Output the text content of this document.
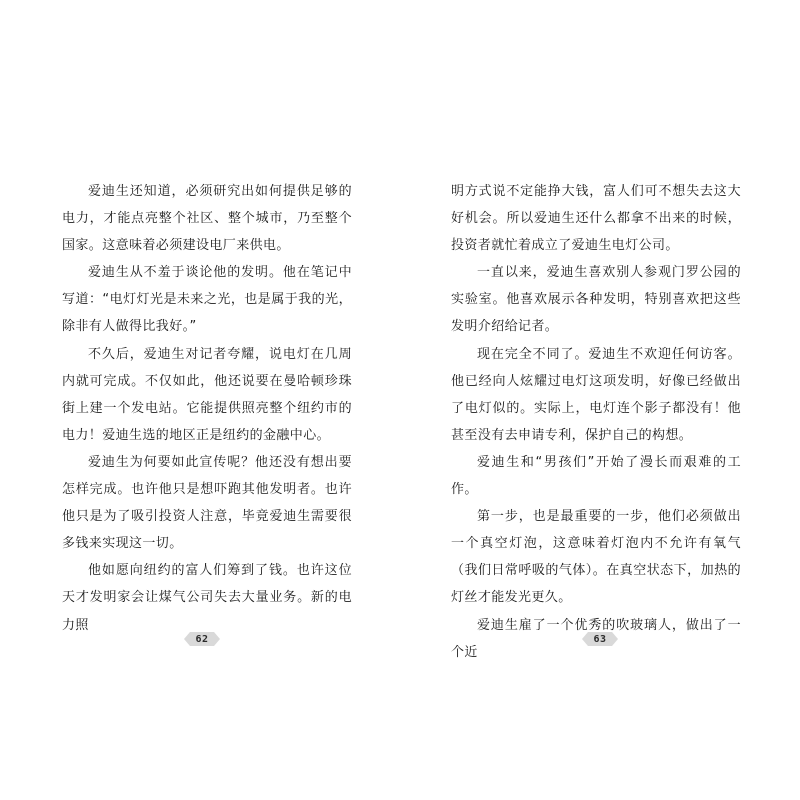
爱迪生还知道，必须研究出如何提供足够的电力，才能点亮整个社区、整个城市，乃至整个国家。这意味着必须建设电厂来供电。

爱迪生从不羞于谈论他的发明。他在笔记中写道：“电灯灯光是未来之光，也是属于我的光，除非有人做得比我好。”

不久后，爱迪生对记者夸耀，说电灯在几周内就可完成。不仅如此，他还说要在曼哈顿珍珠街上建一个发电站。它能提供照亮整个纽约市的电力！爱迪生选的地区正是纽约的金融中心。

爱迪生为何要如此宣传呢？他还没有想出要怎样完成。也许他只是想吓跑其他发明者。也许他只是为了吸引投资人注意，毕竟爱迪生需要很多钱来实现这一切。

他如愿向纽约的富人们筹到了钱。也许这位天才发明家会让煤气公司失去大量业务。新的电力照

明方式说不定能挣大钱，富人们可不想失去这大好机会。所以爱迪生还什么都拿不出来的时候，投资者就忙着成立了爱迪生电灯公司。

一直以来，爱迪生喜欢别人参观门罗公园的实验室。他喜欢展示各种发明，特别喜欢把这些发明介绍给记者。

现在完全不同了。爱迪生不欢迎任何访客。他已经向人炫耀过电灯这项发明，好像已经做出了电灯似的。实际上，电灯连个影子都没有！他甚至没有去申请专利，保护自己的构想。

爱迪生和“男孩们”开始了漫长而艰难的工作。

第一步，也是最重要的一步，他们必须做出一个真空灯泡，这意味着灯泡内不允许有氧气（我们日常呼吸的气体）。在真空状态下，加热的灯丝才能发光更久。

爱迪生雇了一个优秀的吹玻璃人，做出了一个近

62	63
